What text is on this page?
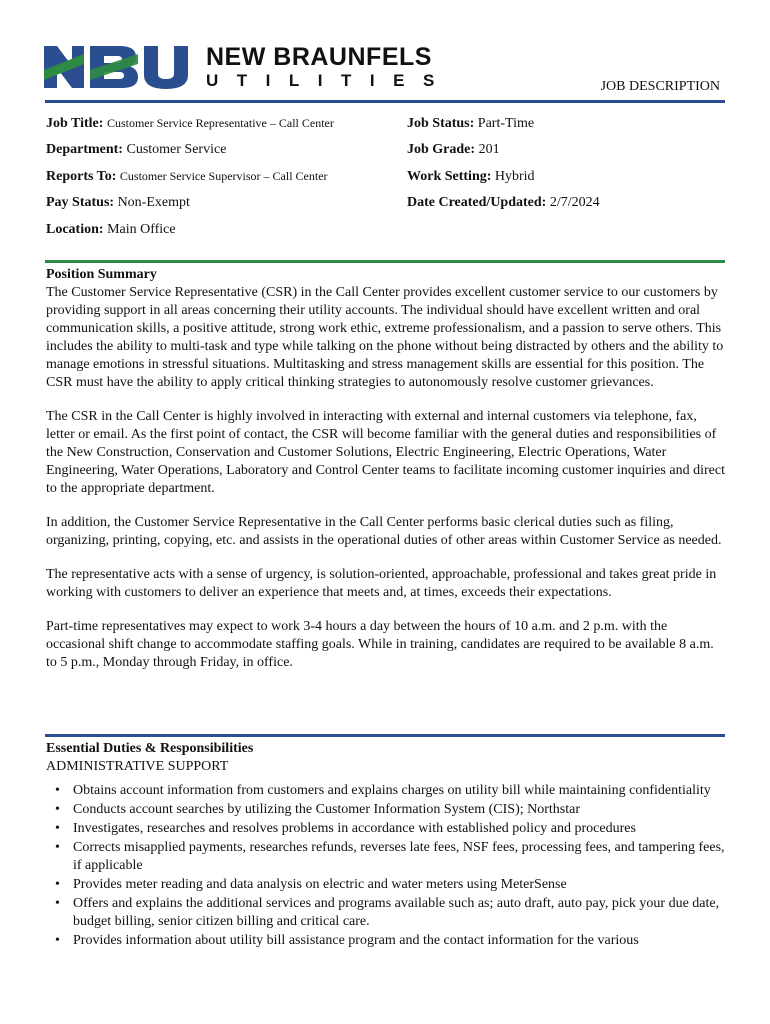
NEW BRAUNFELS
UTILITIES	JOB DESCRIPTION
Job Title: Customer Service Representative – Call Center	Job Status: Part-Time
Department: Customer Service	Job Grade: 201
Reports To: Customer Service Supervisor – Call Center	Work Setting: Hybrid
Pay Status: Non-Exempt	Date Created/Updated: 2/7/2024
Location: Main Office
Position Summary

The Customer Service Representative (CSR) in the Call Center provides excellent customer service to our customers by providing support in all areas concerning their utility accounts. The individual should have excellent written and oral communication skills, a positive attitude, strong work ethic, extreme professionalism, and a passion to serve others. This includes the ability to multi-task and type while talking on the phone without being distracted by others and the ability to manage emotions in stressful situations. Multitasking and stress management skills are essential for this position. The CSR must have the ability to apply critical thinking strategies to autonomously resolve customer grievances.

The CSR in the Call Center is highly involved in interacting with external and internal customers via telephone, fax, letter or email. As the first point of contact, the CSR will become familiar with the general duties and responsibilities of the New Construction, Conservation and Customer Solutions, Electric Engineering, Electric Operations, Water Engineering, Water Operations, Laboratory and Control Center teams to facilitate incoming customer inquiries and direct to the appropriate department.

In addition, the Customer Service Representative in the Call Center performs basic clerical duties such as filing, organizing, printing, copying, etc. and assists in the operational duties of other areas within Customer Service as needed.

The representative acts with a sense of urgency, is solution-oriented, approachable, professional and takes great pride in working with customers to deliver an experience that meets and, at times, exceeds their expectations.

Part-time representatives may expect to work 3-4 hours a day between the hours of 10 a.m. and 2 p.m. with the occasional shift change to accommodate staffing goals. While in training, candidates are required to be available 8 a.m. to 5 p.m., Monday through Friday, in office.

Essential Duties & Responsibilities
ADMINISTRATIVE SUPPORT
• Obtains account information from customers and explains charges on utility bill while maintaining confidentiality
• Conducts account searches by utilizing the Customer Information System (CIS); Northstar
• Investigates, researches and resolves problems in accordance with established policy and procedures
• Corrects misapplied payments, researches refunds, reverses late fees, NSF fees, processing fees, and tampering fees, if applicable
• Provides meter reading and data analysis on electric and water meters using MeterSense
• Offers and explains the additional services and programs available such as; auto draft, auto pay, pick your due date, budget billing, senior citizen billing and critical care.
• Provides information about utility bill assistance program and the contact information for the various
